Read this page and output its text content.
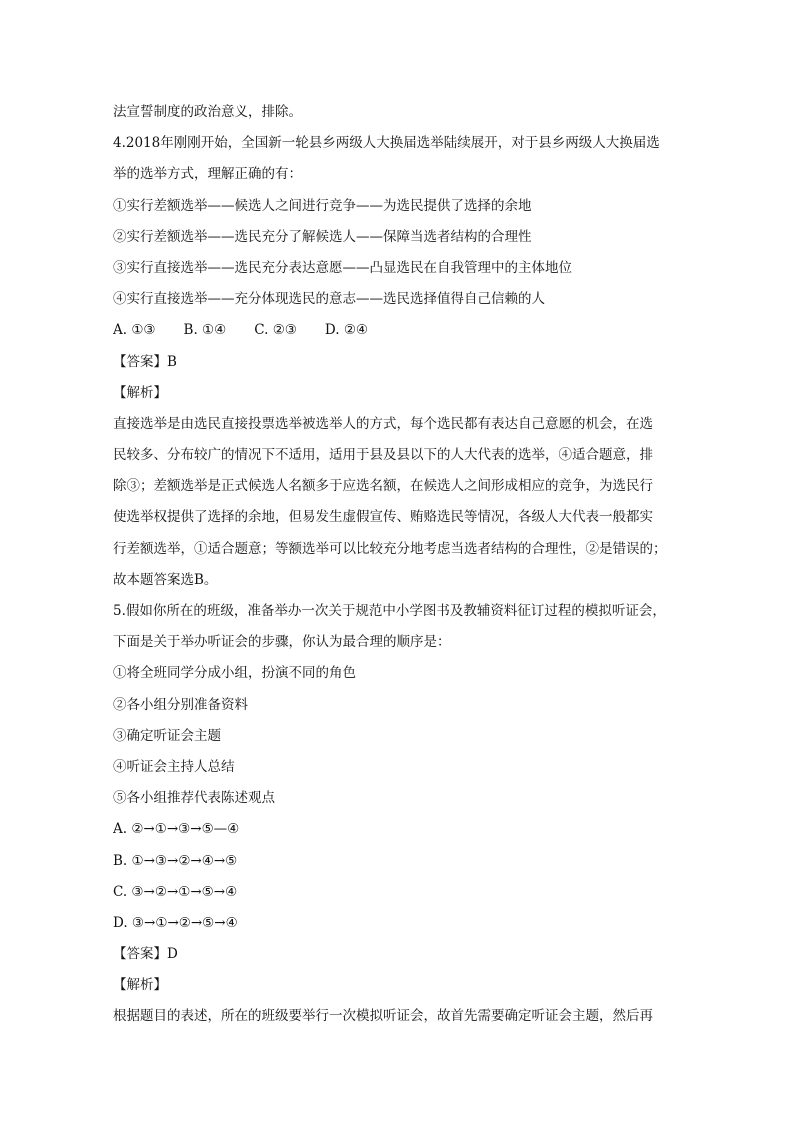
法宣誓制度的政治意义，排除。
4.2018年刚刚开始，全国新一轮县乡两级人大换届选举陆续展开，对于县乡两级人大换届选
举的选举方式，理解正确的有：
①实行差额选举——候选人之间进行竞争——为选民提供了选择的余地
②实行差额选举——选民充分了解候选人——保障当选者结构的合理性
③实行直接选举——选民充分表达意愿——凸显选民在自我管理中的主体地位
④实行直接选举——充分体现选民的意志——选民选择值得自己信赖的人
A. ①③ B. ①④ C. ②③ D. ②④
【答案】B
【解析】
直接选举是由选民直接投票选举被选举人的方式，每个选民都有表达自己意愿的机会，在选
民较多、分布较广的情况下不适用，适用于县及县以下的人大代表的选举，④适合题意，排
除③；差额选举是正式候选人名额多于应选名额，在候选人之间形成相应的竞争，为选民行
使选举权提供了选择的余地，但易发生虚假宣传、贿赂选民等情况，各级人大代表一般都实
行差额选举，①适合题意；等额选举可以比较充分地考虑当选者结构的合理性，②是错误的；
故本题答案选B。
5.假如你所在的班级，准备举办一次关于规范中小学图书及教辅资料征订过程的模拟听证会，
下面是关于举办听证会的步骤，你认为最合理的顺序是：
①将全班同学分成小组，扮演不同的角色
②各小组分别准备资料
③确定听证会主题
④听证会主持人总结
⑤各小组推荐代表陈述观点
A. ②→①→③→⑤—④
B. ①→③→②→④→⑤
C. ③→②→①→⑤→④
D. ③→①→②→⑤→④
【答案】D
【解析】
根据题目的表述，所在的班级要举行一次模拟听证会，故首先需要确定听证会主题，然后再
